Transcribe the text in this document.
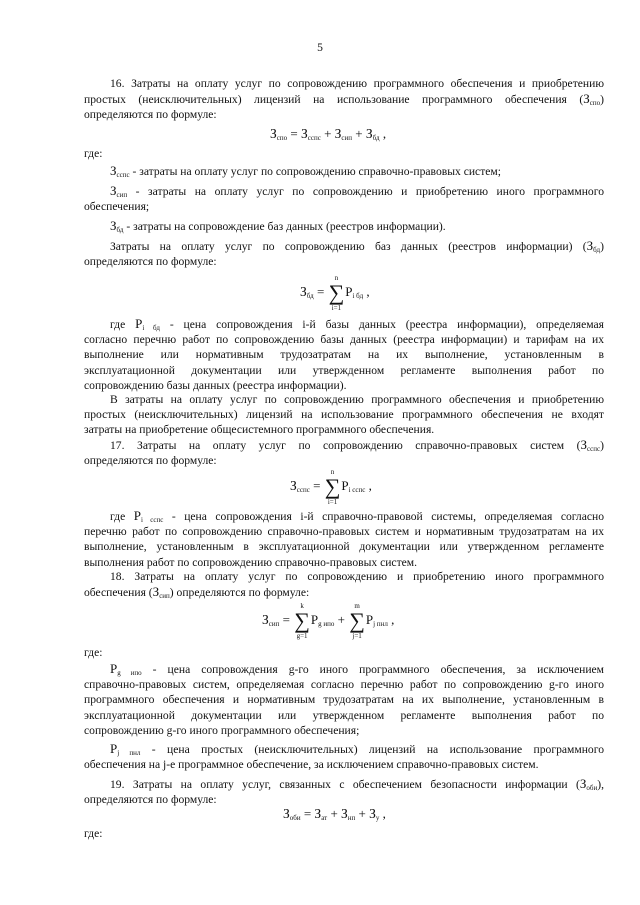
5
16. Затраты на оплату услуг по сопровождению программного обеспечения и приобретению
простых (неисключительных) лицензий на использование программного обеспечения $(З_{спо})$
определяются по формуле:
$З_{спо} = З_{сспс} + З_{сип} + З_{бд}$ ,
где:
$З_{сспс}$ - затраты на оплату услуг по сопровождению справочно-правовых систем;
$З_{сип}$ - затраты на оплату услуг по сопровождению и приобретению иного программного
обеспечения;
$З_{бд}$ - затраты на сопровождение баз данных (реестров информации).
Затраты на оплату услуг по сопровождению баз данных (реестров информации) $(З_{бд})$
определяются по формуле:
$З_{бд}$ =
n
∑
i=1
$P_{i бд}$ ,
где $P_{i бд}$ - цена сопровождения i-й базы данных (реестра информации), определяемая
согласно перечню работ по сопровождению базы данных (реестра информации) и тарифам на их
выполнение или нормативным трудозатратам на их выполнение, установленным в
эксплуатационной документации или утвержденном регламенте выполнения работ по
сопровождению базы данных (реестра информации).
В затраты на оплату услуг по сопровождению программного обеспечения и приобретению
простых (неисключительных) лицензий на использование программного обеспечения не входят
затраты на приобретение общесистемного программного обеспечения.
17. Затраты на оплату услуг по сопровождению справочно-правовых систем $(З_{сспс})$
определяются по формуле:
$З_{сспс}$ =
n
∑
i=1
$P_{i сспс}$ ,
где $P_{i сспс}$ - цена сопровождения i-й справочно-правовой системы, определяемая согласно
перечню работ по сопровождению справочно-правовых систем и нормативным трудозатратам на их
выполнение, установленным в эксплуатационной документации или утвержденном регламенте
выполнения работ по сопровождению справочно-правовых систем.
18. Затраты на оплату услуг по сопровождению и приобретению иного программного
обеспечения $(З_{сип})$ определяются по формуле:
$З_{сип}$ =
k
∑
g=1
$P_{g ипо}$ +
m
∑
j=1
$P_{j пнл}$ ,
где:
$P_{g ипо}$ - цена сопровождения g-го иного программного обеспечения, за исключением
справочно-правовых систем, определяемая согласно перечню работ по сопровождению g-го иного
программного обеспечения и нормативным трудозатратам на их выполнение, установленным в
эксплуатационной документации или утвержденном регламенте выполнения работ по
сопровождению g-го иного программного обеспечения;
$P_{j пнл}$ - цена простых (неисключительных) лицензий на использование программного
обеспечения на j-е программное обеспечение, за исключением справочно-правовых систем.
19. Затраты на оплату услуг, связанных с обеспечением безопасности информации $(З_{оби})$,
определяются по формуле:
$З_{оби} = З_{ат} + З_{нп} + З_у$ ,
где:
